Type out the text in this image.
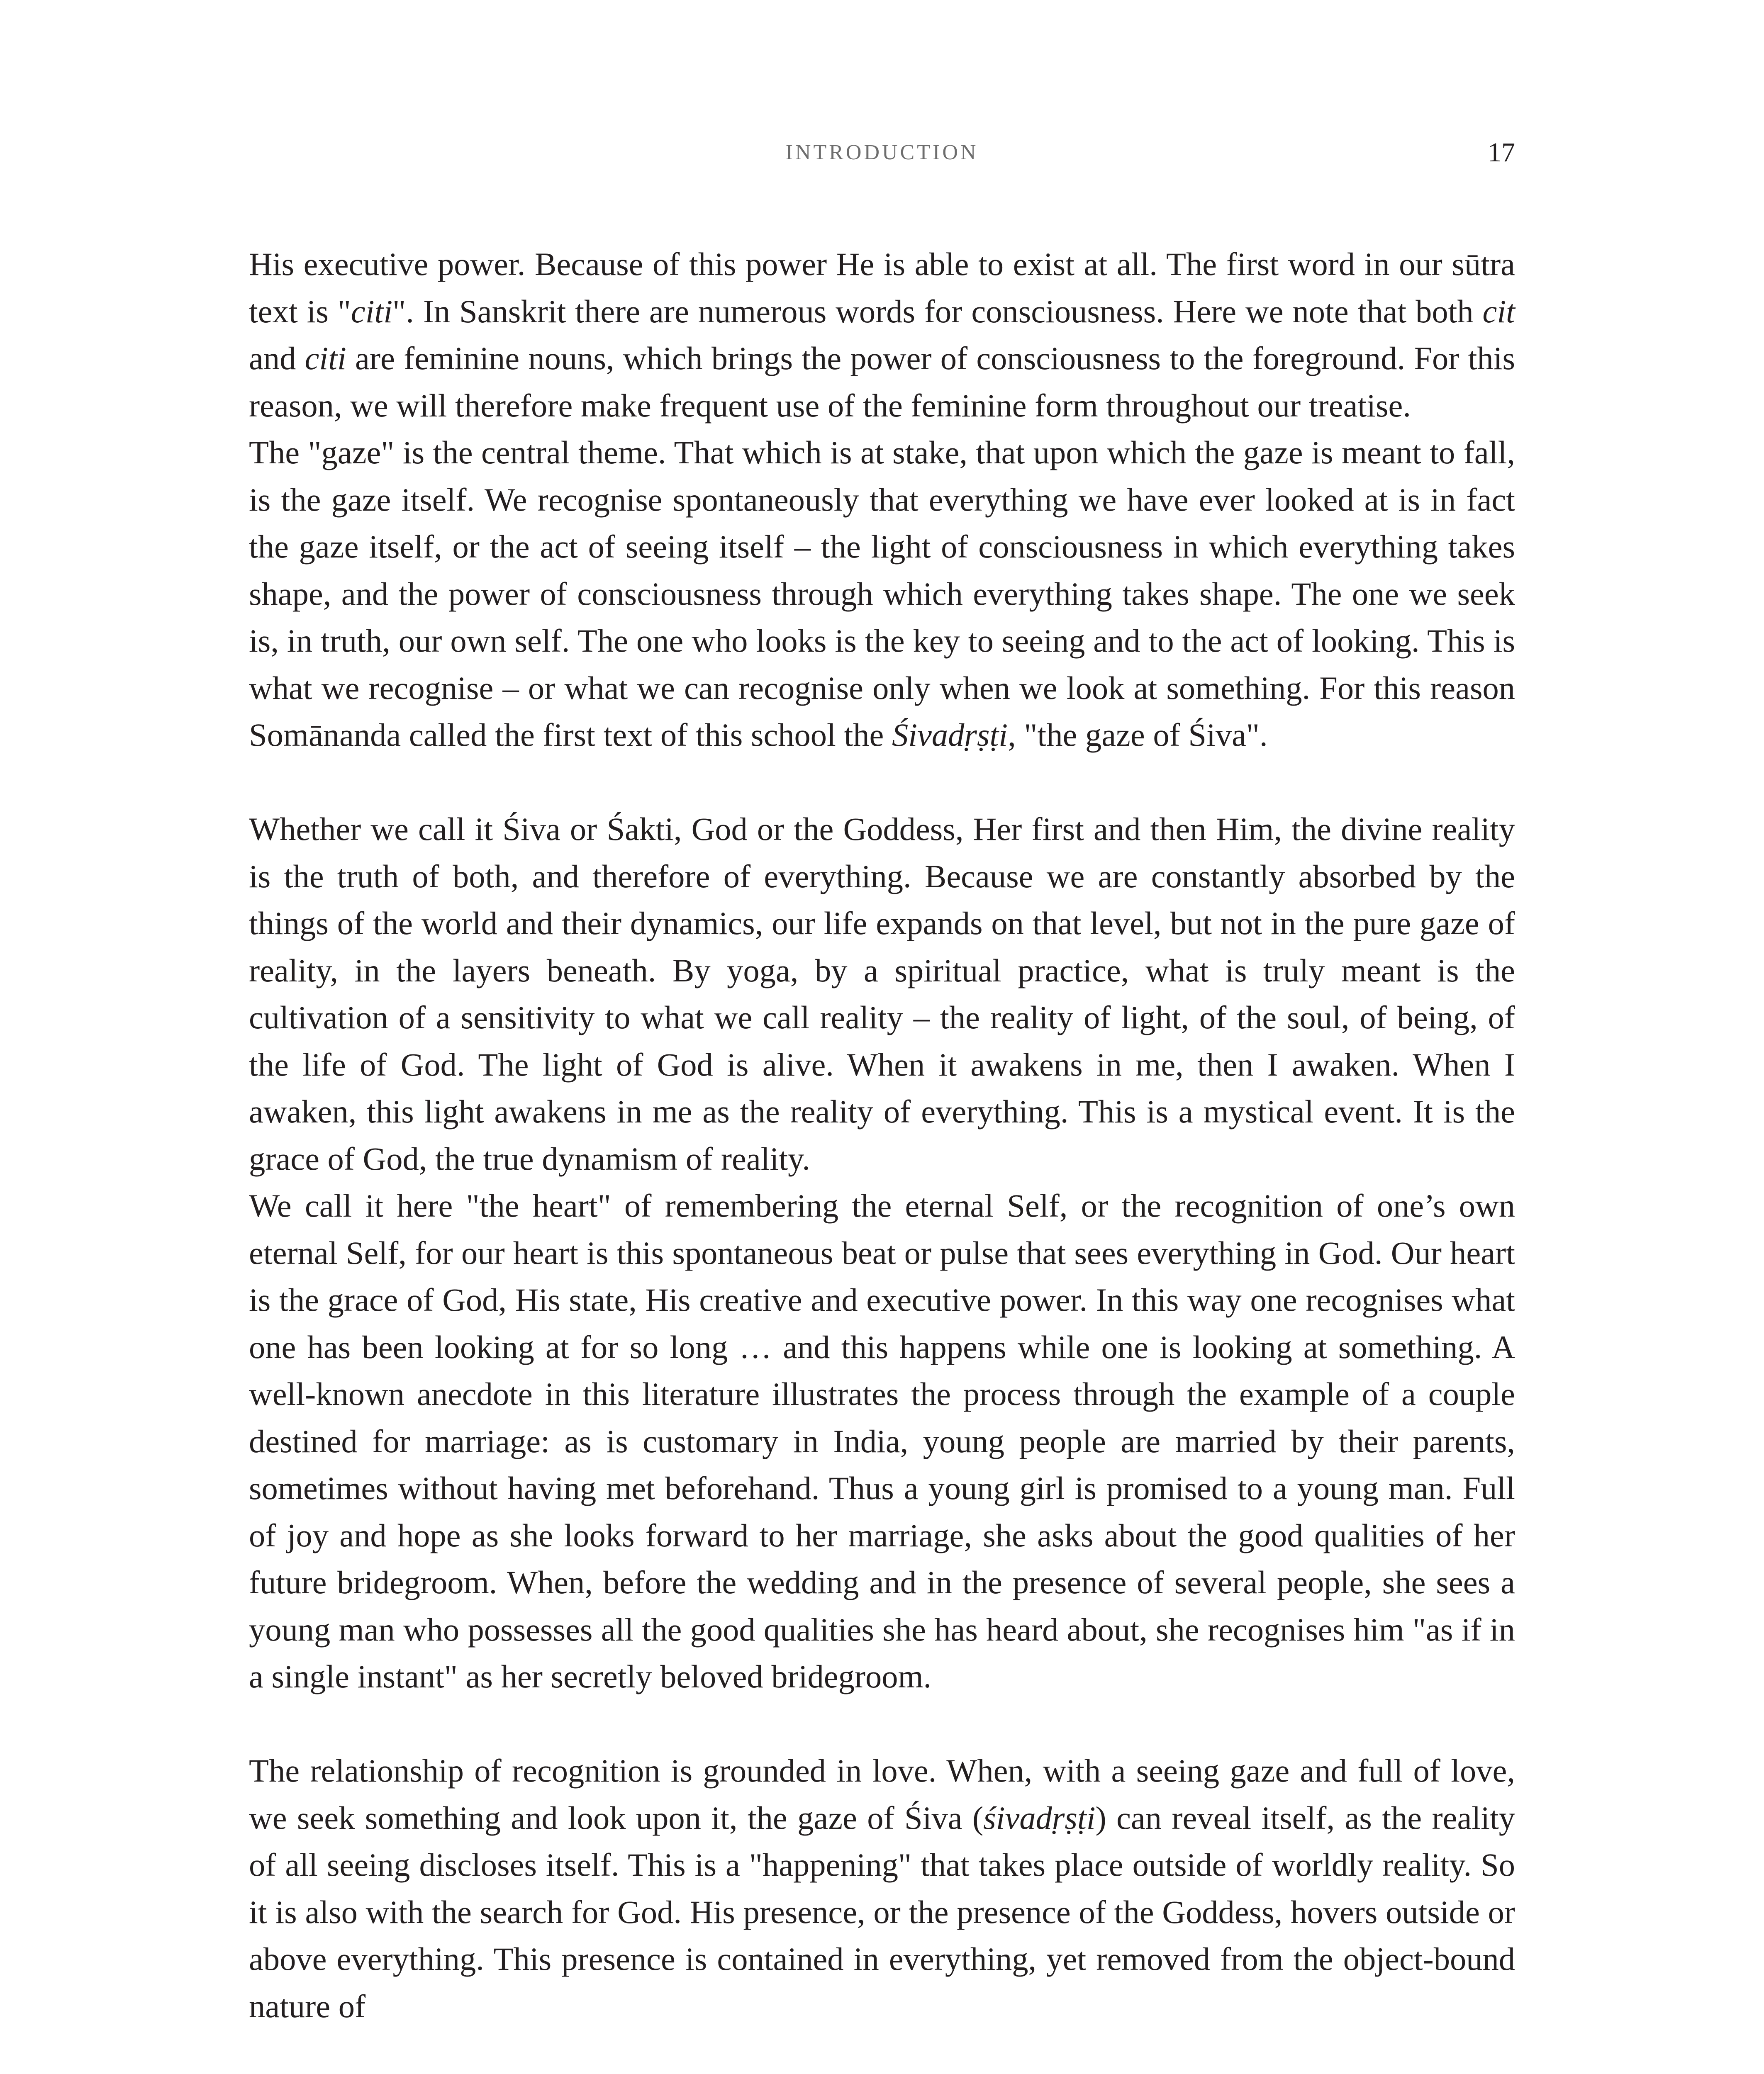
INTRODUCTION	17

His executive power. Because of this power He is able to exist at all. The first word in our sūtra text is "citi". In Sanskrit there are numerous words for consciousness. Here we note that both cit and citi are feminine nouns, which brings the power of consciousness to the foreground. For this reason, we will therefore make frequent use of the feminine form throughout our treatise.

The "gaze" is the central theme. That which is at stake, that upon which the gaze is meant to fall, is the gaze itself. We recognise spontaneously that everything we have ever looked at is in fact the gaze itself, or the act of seeing itself – the light of consciousness in which everything takes shape, and the power of consciousness through which everything takes shape. The one we seek is, in truth, our own self. The one who looks is the key to seeing and to the act of looking. This is what we recognise – or what we can recognise only when we look at something. For this reason Somānanda called the first text of this school the Śivadṛṣṭi, "the gaze of Śiva".

Whether we call it Śiva or Śakti, God or the Goddess, Her first and then Him, the divine reality is the truth of both, and therefore of everything. Because we are constantly absorbed by the things of the world and their dynamics, our life expands on that level, but not in the pure gaze of reality, in the layers beneath. By yoga, by a spiritual practice, what is truly meant is the cultivation of a sensitivity to what we call reality – the reality of light, of the soul, of being, of the life of God. The light of God is alive. When it awakens in me, then I awaken. When I awaken, this light awakens in me as the reality of everything. This is a mystical event. It is the grace of God, the true dynamism of reality.

We call it here "the heart" of remembering the eternal Self, or the recognition of one’s own eternal Self, for our heart is this spontaneous beat or pulse that sees everything in God. Our heart is the grace of God, His state, His creative and executive power. In this way one recognises what one has been looking at for so long … and this happens while one is looking at something. A well-known anecdote in this literature illustrates the process through the example of a couple destined for marriage: as is customary in India, young people are married by their parents, sometimes without having met beforehand. Thus a young girl is promised to a young man. Full of joy and hope as she looks forward to her marriage, she asks about the good qualities of her future bridegroom. When, before the wedding and in the presence of several people, she sees a young man who possesses all the good qualities she has heard about, she recognises him "as if in a single instant" as her secretly beloved bridegroom.

The relationship of recognition is grounded in love. When, with a seeing gaze and full of love, we seek something and look upon it, the gaze of Śiva (śivadṛṣṭi) can reveal itself, as the reality of all seeing discloses itself. This is a "happening" that takes place outside of worldly reality. So it is also with the search for God. His presence, or the presence of the Goddess, hovers outside or above everything. This presence is contained in everything, yet removed from the object-bound nature of
